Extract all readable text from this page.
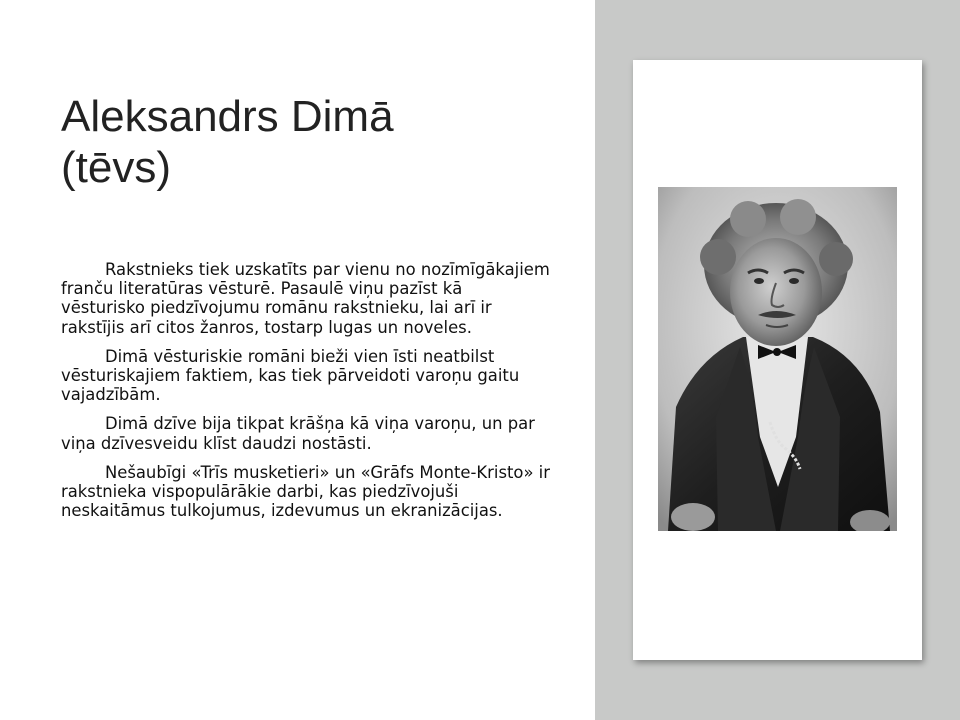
Aleksandrs Dimā
(tēvs)

Rakstnieks tiek uzskatīts par vienu no nozīmīgākajiem franču literatūras vēsturē. Pasaulē viņu pazīst kā vēsturisko piedzīvojumu romānu rakstnieku, lai arī ir rakstījis arī citos žanros, tostarp lugas un noveles.

Dimā vēsturiskie romāni bieži vien īsti neatbilst vēsturiskajiem faktiem, kas tiek pārveidoti varoņu gaitu vajadzībām.

Dimā dzīve bija tikpat krāšņa kā viņa varoņu, un par viņa dzīvesveidu klīst daudzi nostāsti.

Nešaubīgi «Trīs musketieri» un «Grāfs Monte-Kristo» ir rakstnieka vispopulārākie darbi, kas piedzīvojuši neskaitāmus tulkojumus, izdevumus un ekranizācijas.
